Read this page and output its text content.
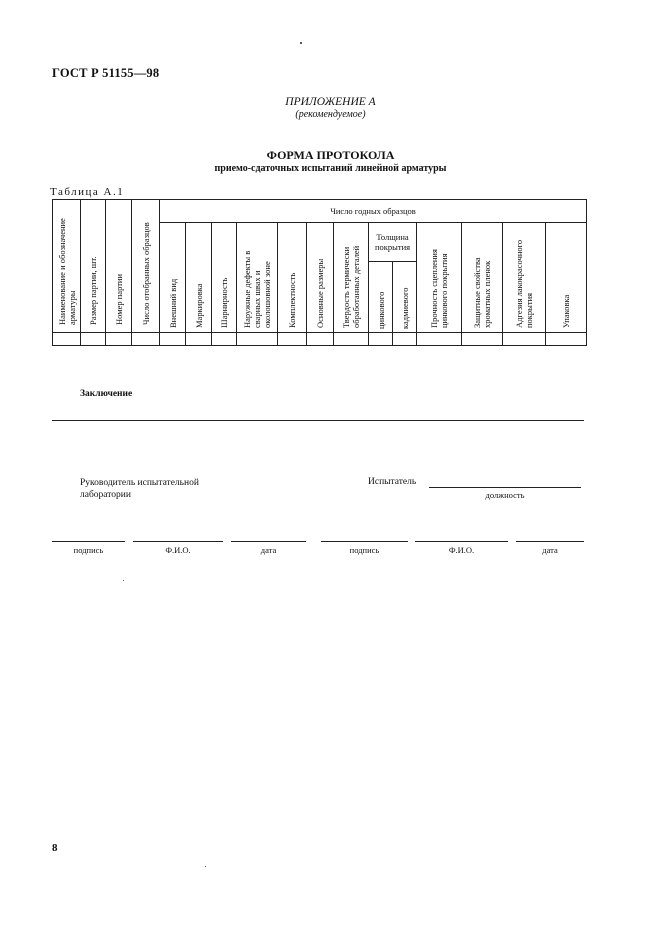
ГОСТ Р 51155—98
ПРИЛОЖЕНИЕ А
(рекомендуемое)
ФОРМА ПРОТОКОЛА
приемо-сдаточных испытаний линейной арматуры
Таблица А.1
Наименование и обозначение арматуры	Размер партии, шт.	Номер партии	Число отобранных образцов	Число годных образцов												

				Внешний вид	Маркировка	Шарнирность	Наружные дефекты в сварных швах и околошовной зоне	Комплектность	Основные размеры	Твердость термически обработанных деталей	Толщина покрытия		Прочность сцепления цинкового покрытия	Защитные свойства хроматных пленок	Адгезия лакокрасочного покрытия	Упаковка

											цинкового	кадмиевого				

Заключение
Руководитель испытательной
лаборатории
Испытатель
должность
подпись	Ф.И.О.	дата	подпись	Ф.И.О.	дата
8
